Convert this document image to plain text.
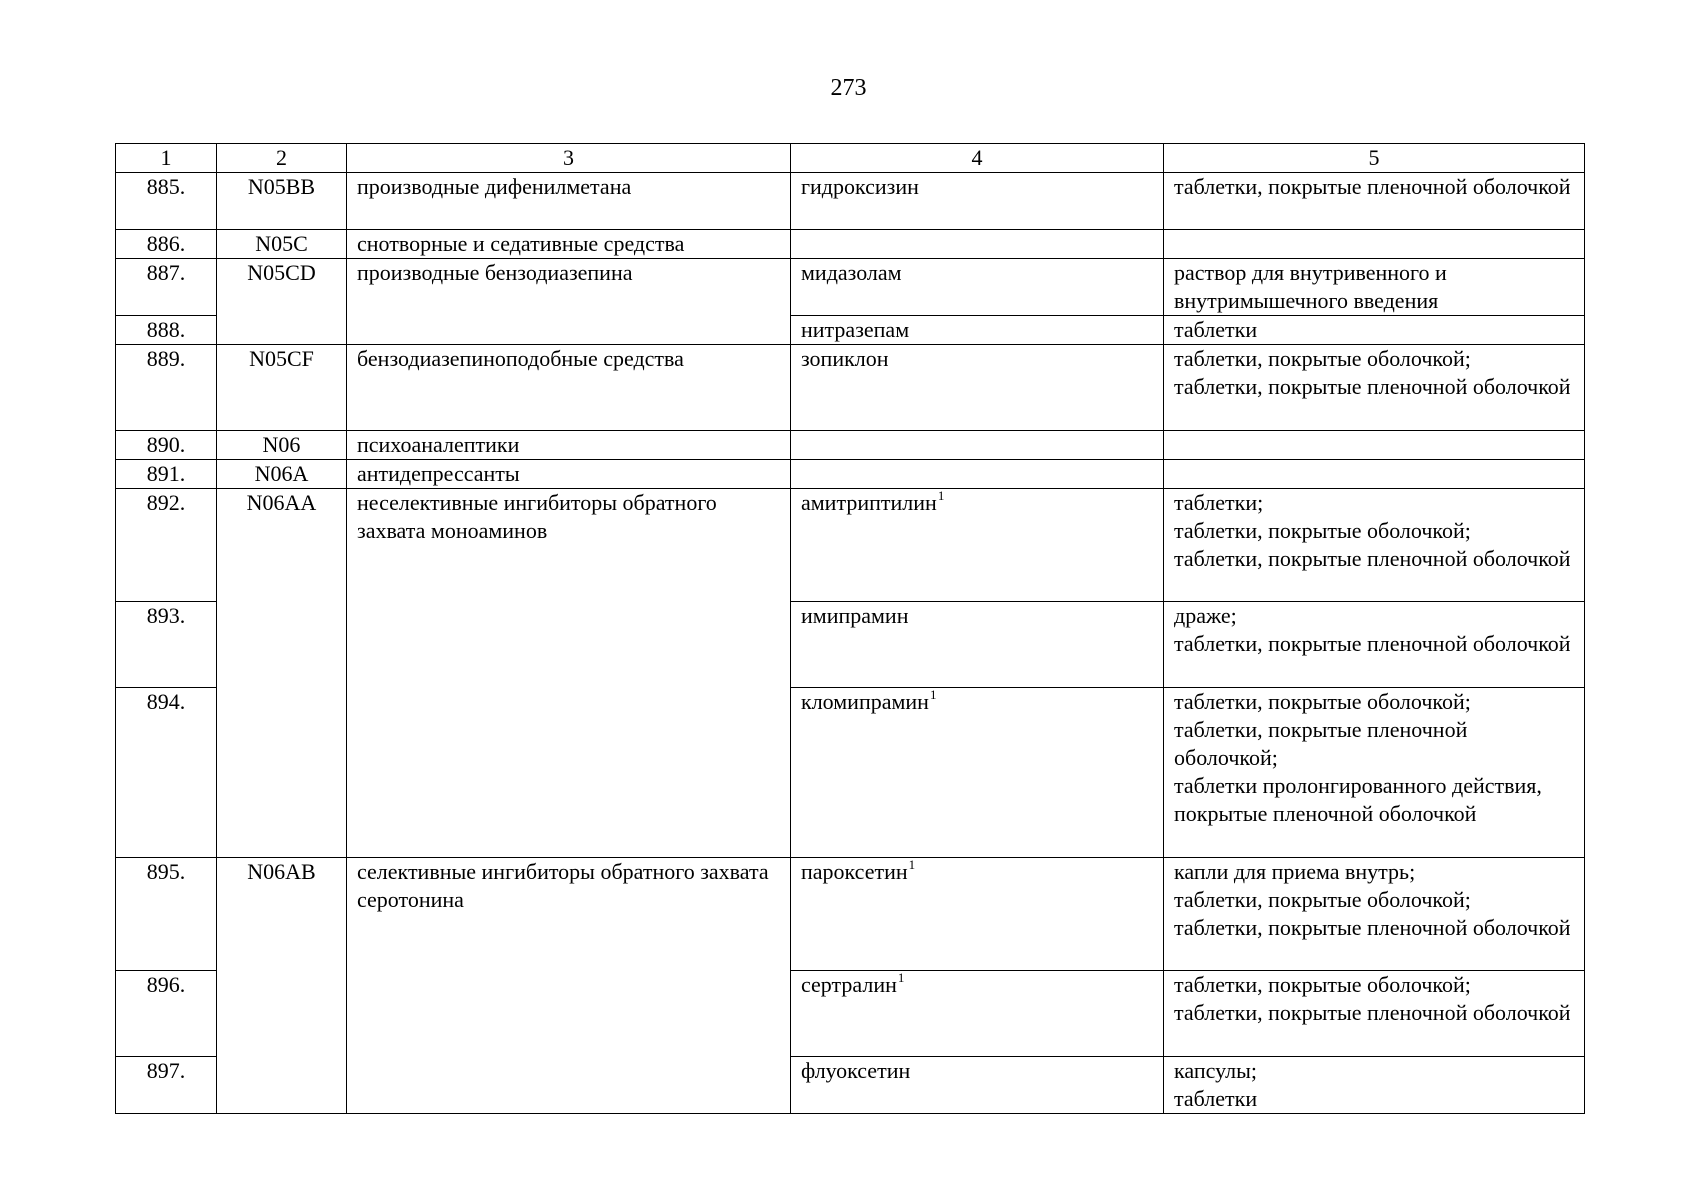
273
1	2	3	4	5
885.	N05BB	производные дифенилметана	гидроксизин	таблетки, покрытые пленочной оболочкой

886.	N05C	снотворные и седативные средства		
887.	N05CD	производные бензодиазепина	мидазолам	раствор для внутривенного и внутримышечного введения

888.			нитразепам	таблетки

889.	N05CF	бензодиазепиноподобные средства	зопиклон	таблетки, покрытые оболочкой;
таблетки, покрытые пленочной оболочкой

890.	N06	психоаналептики		
891.	N06A	антидепрессанты		
892.	N06AA	неселективные ингибиторы обратного захвата моноаминов	амитриптилин$^1$	таблетки;
таблетки, покрытые оболочкой;
таблетки, покрытые пленочной оболочкой

893.			имипрамин	драже;
таблетки, покрытые пленочной оболочкой

894.			кломипрамин$^1$	таблетки, покрытые оболочкой;
таблетки, покрытые пленочной оболочкой;
таблетки пролонгированного действия, покрытые пленочной оболочкой

895.	N06AB	селективные ингибиторы обратного захвата серотонина	пароксетин$^1$	капли для приема внутрь;
таблетки, покрытые оболочкой;
таблетки, покрытые пленочной оболочкой

896.			сертралин$^1$	таблетки, покрытые оболочкой;
таблетки, покрытые пленочной оболочкой

897.			флуоксетин	капсулы;
таблетки
